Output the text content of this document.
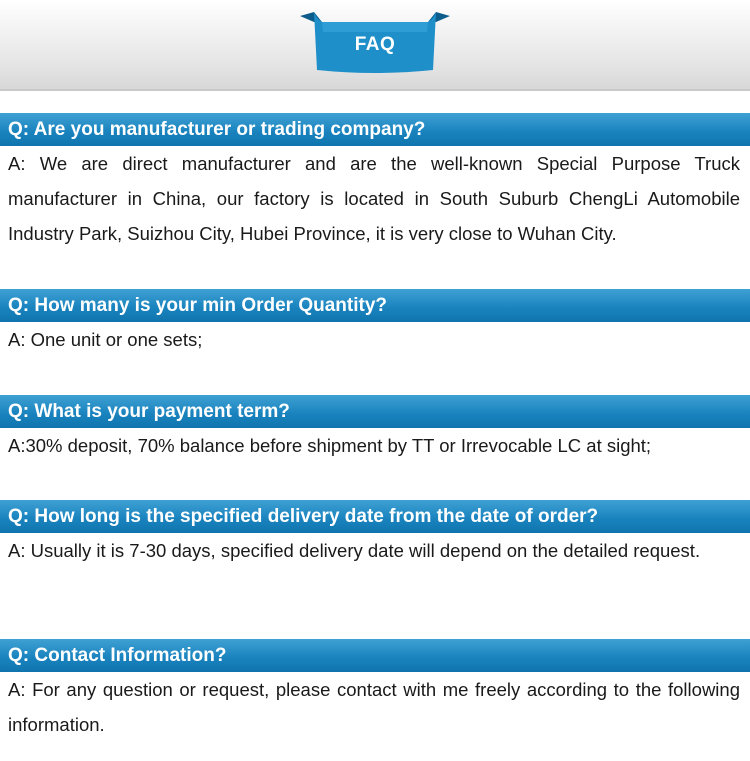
FAQ
Q: Are you manufacturer or trading company?
A: We are direct manufacturer and are the well-known Special Purpose Truck manufacturer in China, our factory is located in South Suburb ChengLi Automobile Industry Park, Suizhou City, Hubei Province, it is very close to Wuhan City.
Q: How many is your min Order Quantity?
A: One unit or one sets;
Q: What is your payment term?
A:30% deposit, 70% balance before shipment by TT or Irrevocable LC at sight;
Q: How long is the specified delivery date from the date of order?
A: Usually it is 7-30 days, specified delivery date will depend on the detailed request.
Q: Contact Information?
A: For any question or request, please contact with me freely according to the following information.
